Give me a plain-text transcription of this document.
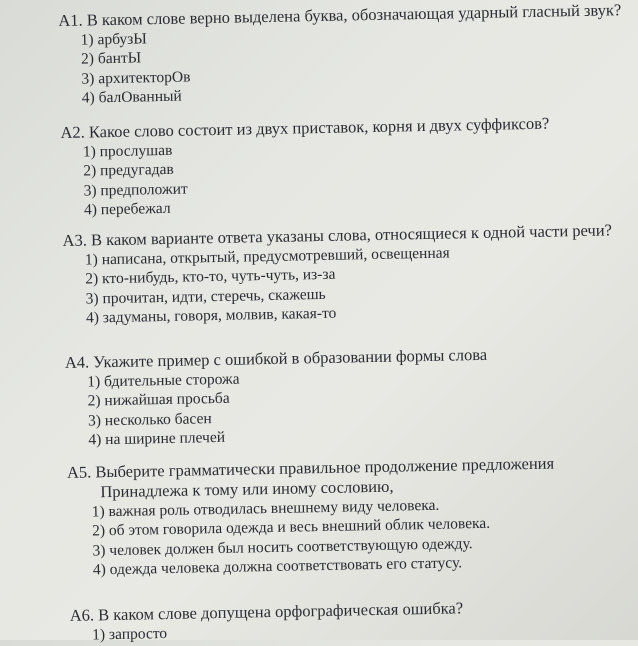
А1. В каком слове верно выделена буква, обозначающая ударный гласный звук?

1) арбузЫ
2) бантЫ
3) архитекторОв
4) балОванный

А2. Какое слово состоит из двух приставок, корня и двух суффиксов?

1) прослушав
2) предугадав
3) предположит
4) перебежал

А3. В каком варианте ответа указаны слова, относящиеся к одной части речи?

1) написана, открытый, предусмотревший, освещенная
2) кто-нибудь, кто-то, чуть-чуть, из-за
3) прочитан, идти, стеречь, скажешь
4) задуманы, говоря, молвив, какая-то

А4. Укажите пример с ошибкой в образовании формы слова

1) бдительные сторожа
2) нижайшая просьба
3) несколько басен
4) на ширине плечей

А5. Выберите грамматически правильное продолжение предложения

Принадлежа к тому или иному сословию,

1) важная роль отводилась внешнему виду человека.
2) об этом говорила одежда и весь внешний облик человека.
3) человек должен был носить соответствующую одежду.
4) одежда человека должна соответствовать его статусу.

А6. В каком слове допущена орфографическая ошибка?

1) запросто
